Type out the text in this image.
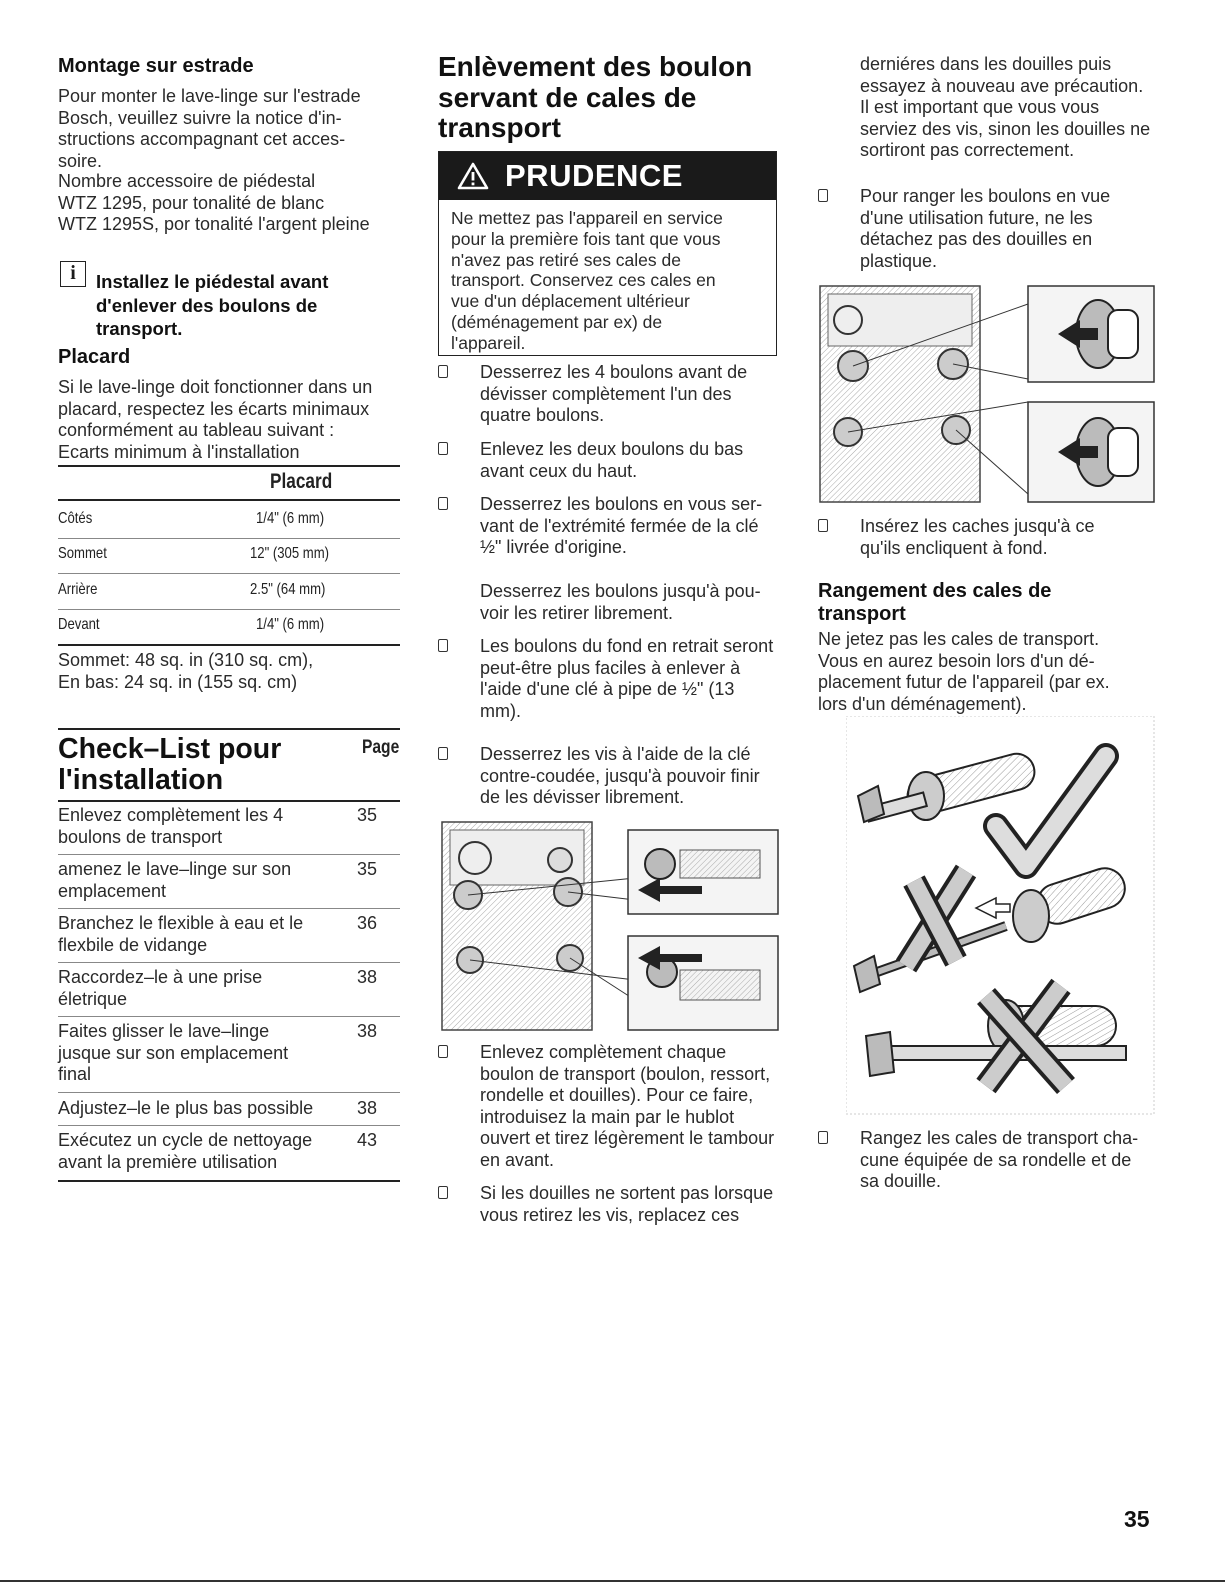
Montage sur estrade
Pour monter le lave-linge sur l'estrade
Bosch, veuillez suivre la notice d'in-
structions accompagnant cet acces-
soire.
Nombre accessoire de piédestal
WTZ 1295, pour tonalité de blanc
WTZ 1295S, por tonalité l'argent pleine
i	Installez le piédestal avant
d'enlever des boulons de
transport.
Placard
Si le lave-linge doit fonctionner dans un
placard, respectez les écarts minimaux
conformément au tableau suivant :
Ecarts minimum à l'installation
Placard
Côtés	1/4" (6 mm)
Sommet	12" (305 mm)
Arrière	2.5" (64 mm)
Devant	1/4" (6 mm)
Sommet: 48 sq. in (310 sq. cm),
En bas: 24 sq. in (155 sq. cm)
Check–List pour
l'installation
Page
Enlevez complètement les 4
boulons de transport
35
amenez le lave–linge sur son
emplacement
35
Branchez le flexible à eau et le
flexbile de vidange
36
Raccordez–le à une prise
életrique
38
Faites glisser le lave–linge
jusque sur son emplacement
final
38
Adjustez–le le plus bas possible	38
Exécutez un cycle de nettoyage
avant la première utilisation
43
Enlèvement des boulon
servant de cales de
transport
PRUDENCE
Ne mettez pas l'appareil en service
pour la première fois tant que vous
n'avez pas retiré ses cales de
transport. Conservez ces cales en
vue d'un déplacement ultérieur
(déménagement par ex) de
l'appareil.
Desserrez les 4 boulons avant de
dévisser complètement l'un des
quatre boulons.
Enlevez les deux boulons du bas
avant ceux du haut.
Desserrez les boulons en vous ser-
vant de l'extrémité fermée de la clé
½" livrée d'origine.
Desserrez les boulons jusqu'à pou-
voir les retirer librement.
Les boulons du fond en retrait seront
peut-être plus faciles à enlever à
l'aide d'une clé à pipe de ½" (13
mm).
Desserrez les vis à l'aide de la clé
contre-coudée, jusqu'à pouvoir finir
de les dévisser librement.
Enlevez complètement chaque
boulon de transport (boulon, ressort,
rondelle et douilles). Pour ce faire,
introduisez la main par le hublot
ouvert et tirez légèrement le tambour
en avant.
Si les douilles ne sortent pas lorsque
vous retirez les vis, replacez ces
derniéres dans les douilles puis
essayez à nouveau ave précaution.
Il est important que vous vous
serviez des vis, sinon les douilles ne
sortiront pas correctement.
Pour ranger les boulons en vue
d'une utilisation future, ne les
détachez pas des douilles en
plastique.
Insérez les caches jusqu'à ce
qu'ils encliquent à fond.
Rangement des cales de
transport
Ne jetez pas les cales de transport.
Vous en aurez besoin lors d'un dé-
placement futur de l'appareil (par ex.
lors d'un déménagement).
Rangez les cales de transport cha-
cune équipée de sa rondelle et de
sa douille.
35
